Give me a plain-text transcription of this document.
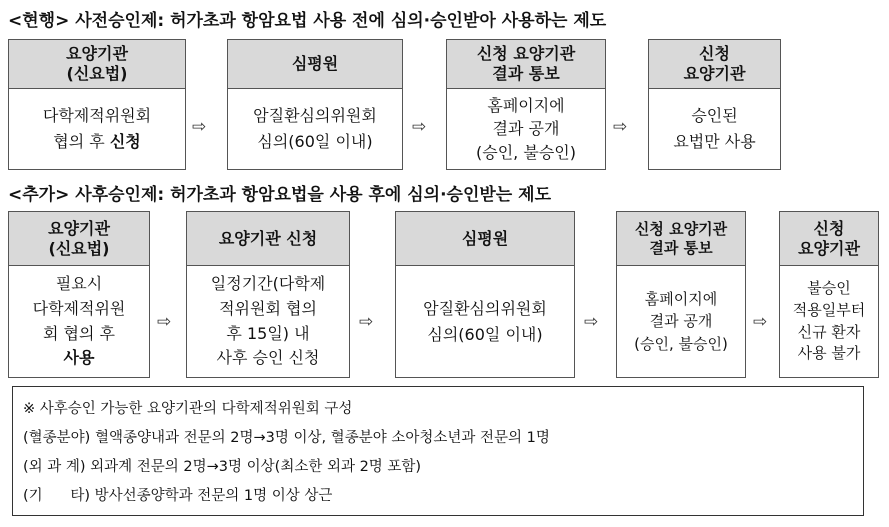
<현행> 사전승인제: 허가초과 항암요법 사용 전에 심의·승인받아 사용하는 제도
요양기관
(신요법)
다학제적위원회
협의 후 신청
⇨
심평원
암질환심의위원회
심의(60일 이내)
⇨
신청 요양기관
결과 통보
홈페이지에
결과 공개
(승인, 불승인)
⇨
신청
요양기관
승인된
요법만 사용
<추가> 사후승인제: 허가초과 항암요법을 사용 후에 심의·승인받는 제도
요양기관
(신요법)
필요시
다학제적위원
회 협의 후
사용
⇨
요양기관 신청
일정기간(다학제
적위원회 협의
후 15일) 내
사후 승인 신청
⇨
심평원
암질환심의위원회
심의(60일 이내)
⇨
신청 요양기관
결과 통보
홈페이지에
결과 공개
(승인, 불승인)
⇨
신청
요양기관
불승인
적용일부터
신규 환자
사용 불가
※ 사후승인 가능한 요양기관의 다학제적위원회 구성
(혈종분야) 혈액종양내과 전문의 2명→3명 이상, 혈종분야 소아청소년과 전문의 1명
(외 과 계) 외과계 전문의 2명→3명 이상(최소한 외과 2명 포함)
(기      타) 방사선종양학과 전문의 1명 이상 상근
